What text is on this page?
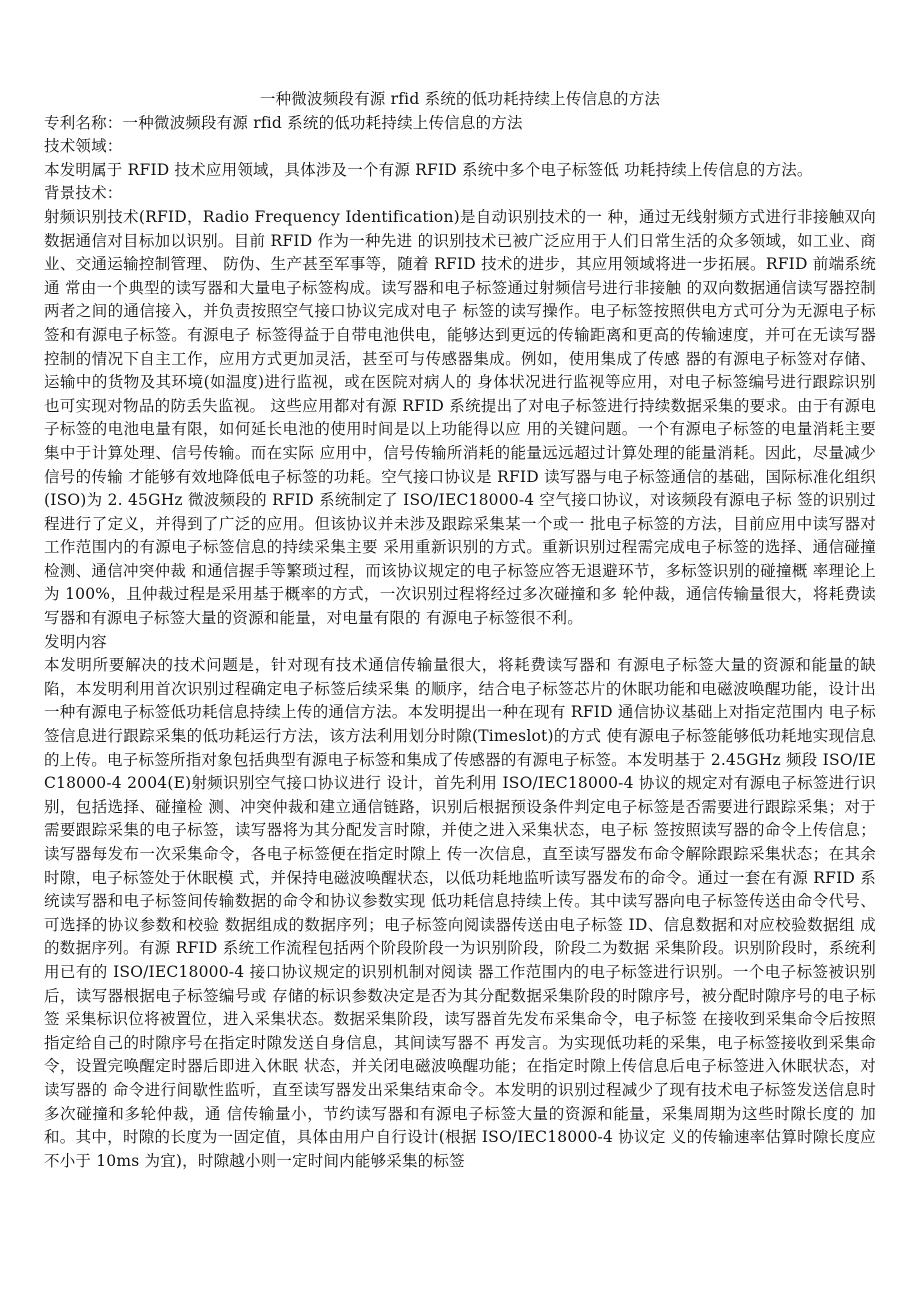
一种微波频段有源 rfid 系统的低功耗持续上传信息的方法

专利名称：一种微波频段有源 rfid 系统的低功耗持续上传信息的方法

技术领域：

本发明属于 RFID 技术应用领域，具体涉及一个有源 RFID 系统中多个电子标签低 功耗持续上传信息的方法。

背景技术：

射频识别技术(RFID，Radio Frequency Identification)是自动识别技术的一 种，通过无线射频方式进行非接触双向数据通信对目标加以识别。目前 RFID 作为一种先进 的识别技术已被广泛应用于人们日常生活的众多领域，如工业、商业、交通运输控制管理、 防伪、生产甚至军事等，随着 RFID 技术的进步，其应用领域将进一步拓展。RFID 前端系统通 常由一个典型的读写器和大量电子标签构成。读写器和电子标签通过射频信号进行非接触 的双向数据通信读写器控制两者之间的通信接入，并负责按照空气接口协议完成对电子 标签的读写操作。电子标签按照供电方式可分为无源电子标签和有源电子标签。有源电子 标签得益于自带电池供电，能够达到更远的传输距离和更高的传输速度，并可在无读写器 控制的情况下自主工作，应用方式更加灵活，甚至可与传感器集成。例如，使用集成了传感 器的有源电子标签对存储、运输中的货物及其环境(如温度)进行监视，或在医院对病人的 身体状况进行监视等应用，对电子标签编号进行跟踪识别也可实现对物品的防丢失监视。 这些应用都对有源 RFID 系统提出了对电子标签进行持续数据采集的要求。由于有源电子标签的电池电量有限，如何延长电池的使用时间是以上功能得以应 用的关键问题。一个有源电子标签的电量消耗主要集中于计算处理、信号传输。而在实际 应用中，信号传输所消耗的能量远远超过计算处理的能量消耗。因此，尽量减少信号的传输 才能够有效地降低电子标签的功耗。空气接口协议是 RFID 读写器与电子标签通信的基础，国际标准化组织(ISO)为 2. 45GHz 微波频段的 RFID 系统制定了 ISO/IEC18000-4 空气接口协议，对该频段有源电子标 签的识别过程进行了定义，并得到了广泛的应用。但该协议并未涉及跟踪采集某一个或一 批电子标签的方法，目前应用中读写器对工作范围内的有源电子标签信息的持续采集主要 采用重新识别的方式。重新识别过程需完成电子标签的选择、通信碰撞检测、通信冲突仲裁 和通信握手等繁琐过程，而该协议规定的电子标签应答无退避环节，多标签识别的碰撞概 率理论上为 100%，且仲裁过程是采用基于概率的方式，一次识别过程将经过多次碰撞和多 轮仲裁，通信传输量很大，将耗费读写器和有源电子标签大量的资源和能量，对电量有限的 有源电子标签很不利。

发明内容

本发明所要解决的技术问题是，针对现有技术通信传输量很大，将耗费读写器和 有源电子标签大量的资源和能量的缺陷，本发明利用首次识别过程确定电子标签后续采集 的顺序，结合电子标签芯片的休眠功能和电磁波唤醒功能，设计出一种有源电子标签低功耗信息持续上传的通信方法。本发明提出一种在现有 RFID 通信协议基础上对指定范围内 电子标签信息进行跟踪采集的低功耗运行方法，该方法利用划分时隙(Timeslot)的方式 使有源电子标签能够低功耗地实现信息的上传。电子标签所指对象包括典型有源电子标签和集成了传感器的有源电子标签。本发明基于 2.45GHz 频段 ISO/IEC18000-4 2004(E)射频识别空气接口协议进行 设计，首先利用 ISO/IEC18000-4 协议的规定对有源电子标签进行识别，包括选择、碰撞检 测、冲突仲裁和建立通信链路，识别后根据预设条件判定电子标签是否需要进行跟踪采集；对于需要跟踪采集的电子标签，读写器将为其分配发言时隙，并使之进入采集状态，电子标 签按照读写器的命令上传信息；读写器每发布一次采集命令，各电子标签便在指定时隙上 传一次信息，直至读写器发布命令解除跟踪采集状态；在其余时隙，电子标签处于休眠模 式，并保持电磁波唤醒状态，以低功耗地监听读写器发布的命令。通过一套在有源 RFID 系统读写器和电子标签间传输数据的命令和协议参数实现 低功耗信息持续上传。其中读写器向电子标签传送由命令代号、可选择的协议参数和校验 数据组成的数据序列；电子标签向阅读器传送由电子标签 ID、信息数据和对应校验数据组 成的数据序列。有源 RFID 系统工作流程包括两个阶段阶段一为识别阶段，阶段二为数据 采集阶段。识别阶段时，系统利用已有的 ISO/IEC18000-4 接口协议规定的识别机制对阅读 器工作范围内的电子标签进行识别。一个电子标签被识别后，读写器根据电子标签编号或 存储的标识参数决定是否为其分配数据采集阶段的时隙序号，被分配时隙序号的电子标签 采集标识位将被置位，进入采集状态。数据采集阶段，读写器首先发布采集命令，电子标签 在接收到采集命令后按照指定给自己的时隙序号在指定时隙发送自身信息，其间读写器不 再发言。为实现低功耗的采集，电子标签接收到采集命令，设置完唤醒定时器后即进入休眠 状态，并关闭电磁波唤醒功能；在指定时隙上传信息后电子标签进入休眠状态，对读写器的 命令进行间歇性监听，直至读写器发出采集结束命令。本发明的识别过程减少了现有技术电子标签发送信息时多次碰撞和多轮仲裁，通 信传输量小，节约读写器和有源电子标签大量的资源和能量，采集周期为这些时隙长度的 加和。其中，时隙的长度为一固定值，具体由用户自行设计(根据 ISO/IEC18000-4 协议定 义的传输速率估算时隙长度应不小于 10ms 为宜)，时隙越小则一定时间内能够采集的标签
